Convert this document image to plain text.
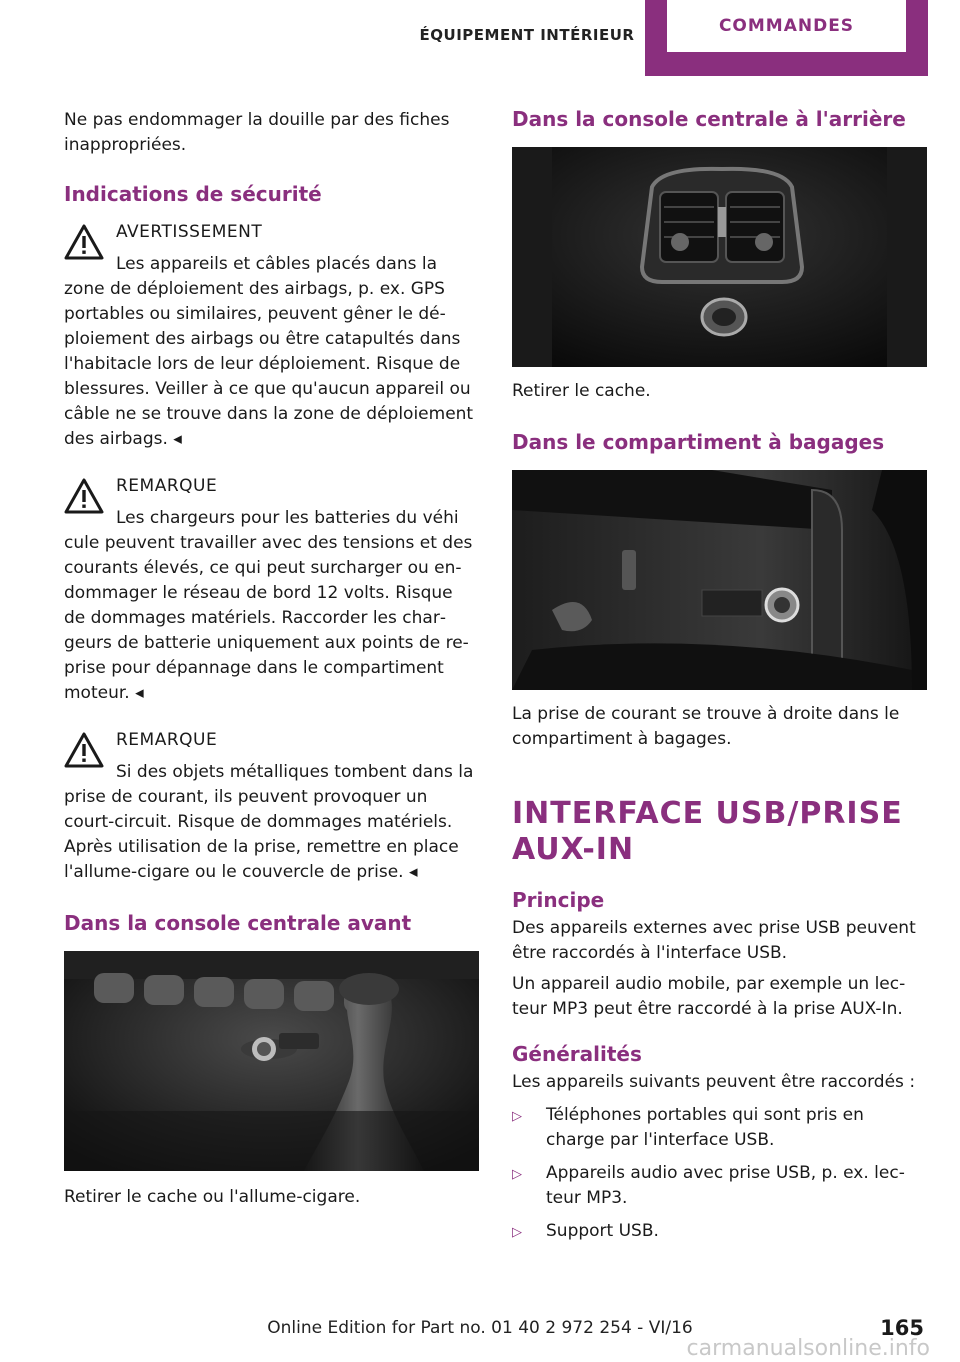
ÉQUIPEMENT INTÉRIEUR	COMMANDES

Ne pas endommager la douille par des fiches inappropriées.

Indications de sécurité
AVERTISSEMENT

Les appareils et câbles placés dans la

zone de déploiement des airbags, p. ex. GPS portables ou similaires, peuvent gêner le déploiement des airbags ou être catapultés dans l'habitacle lors de leur déploiement. Risque de blessures. Veiller à ce que qu'aucun appareil ou câble ne se trouve dans la zone de déploiement des airbags. ◂

REMARQUE

Les chargeurs pour les batteries du véhi

cule peuvent travailler avec des tensions et des courants élevés, ce qui peut surcharger ou endommager le réseau de bord 12 volts. Risque de dommages matériels. Raccorder les chargeurs de batterie uniquement aux points de reprise pour dépannage dans le compartiment moteur. ◂

REMARQUE

Si des objets métalliques tombent dans la

prise de courant, ils peuvent provoquer un court-circuit. Risque de dommages matériels. Après utilisation de la prise, remettre en place l'allume-cigare ou le couvercle de prise. ◂

Dans la console centrale avant

Retirer le cache ou l'allume-cigare.

Dans la console centrale à l'arrière

Retirer le cache.

Dans le compartiment à bagages

La prise de courant se trouve à droite dans le compartiment à bagages.

INTERFACE USB/PRISE AUX-IN
Principe

Des appareils externes avec prise USB peuvent être raccordés à l'interface USB.

Un appareil audio mobile, par exemple un lecteur MP3 peut être raccordé à la prise AUX-In.

Généralités

Les appareils suivants peuvent être raccordés :

▷	Téléphones portables qui sont pris en charge par l'interface USB.
▷	Appareils audio avec prise USB, p. ex. lecteur MP3.
▷	Support USB.
Online Edition for Part no. 01 40 2 972 254 - VI/16	165
carmanualsonline.info
